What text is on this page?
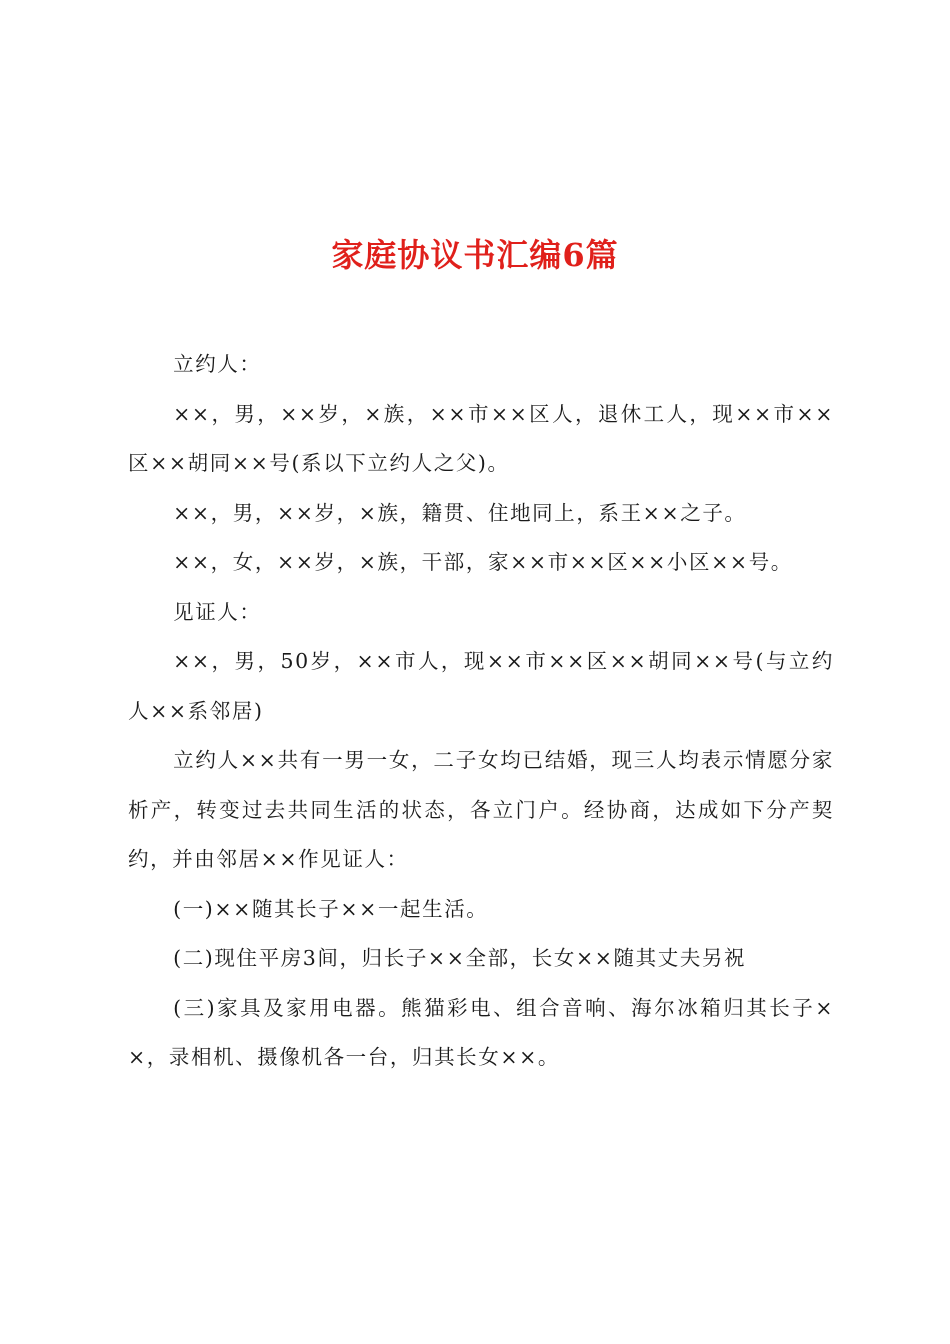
家庭协议书汇编6篇

立约人：

××，男，××岁，×族，××市××区人，退休工人，现××市××区××胡同××号(系以下立约人之父)。

××，男，××岁，×族，籍贯、住地同上，系王××之子。

××，女，××岁，×族，干部，家××市××区××小区××号。

见证人：

××，男，50岁，××市人，现××市××区××胡同××号(与立约人××系邻居)

立约人××共有一男一女，二子女均已结婚，现三人均表示情愿分家析产，转变过去共同生活的状态，各立门户。经协商，达成如下分产契约，并由邻居××作见证人：

(一)××随其长子××一起生活。

(二)现住平房3间，归长子××全部，长女××随其丈夫另祝

(三)家具及家用电器。熊猫彩电、组合音响、海尔冰箱归其长子××，录相机、摄像机各一台，归其长女××。
